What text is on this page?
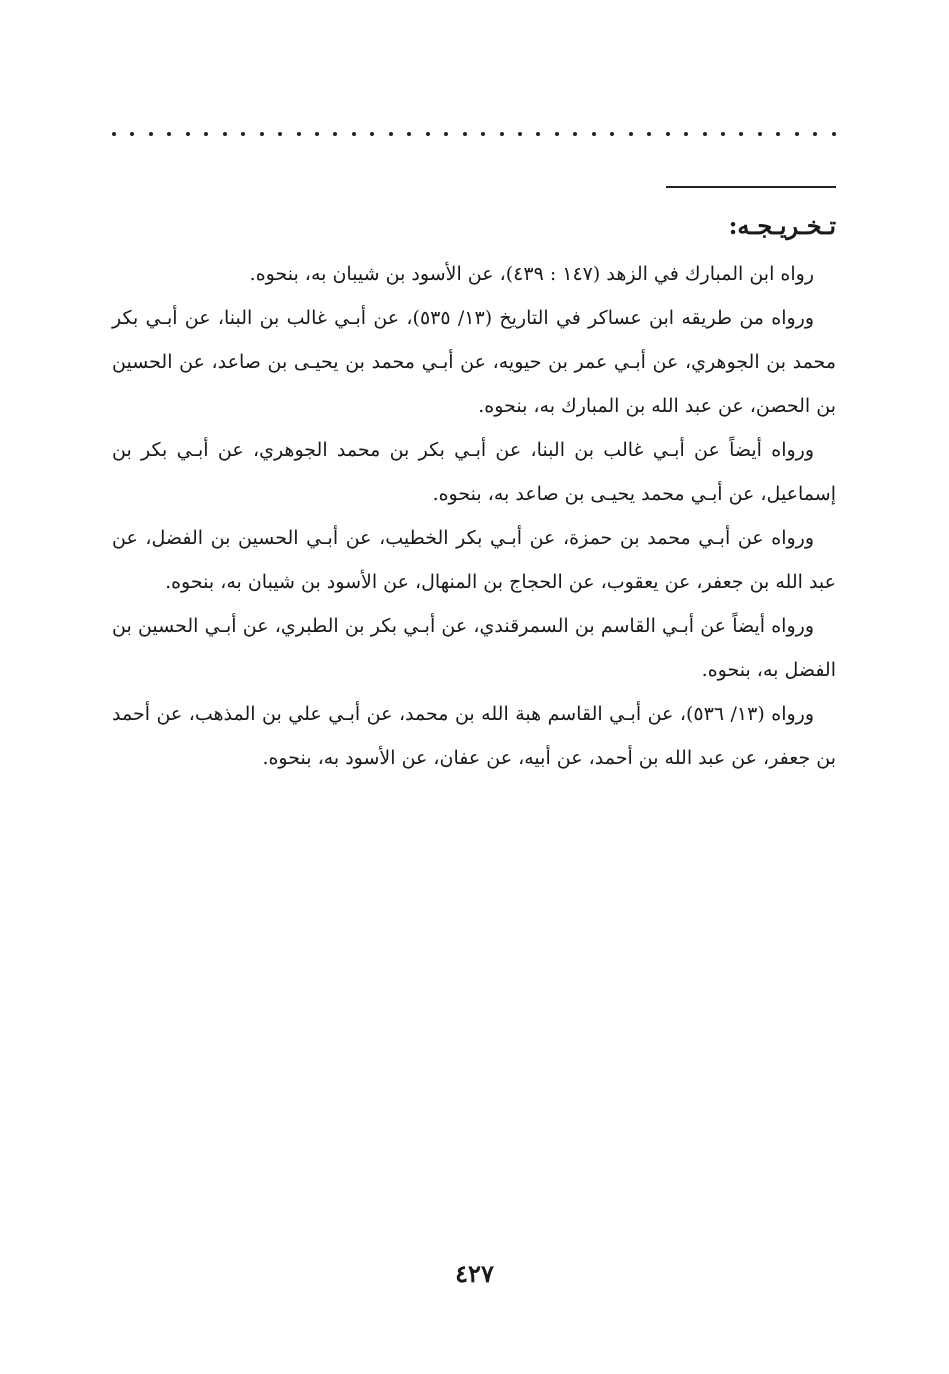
تـخـريـجـه:

رواه ابن المبارك في الزهد (١٤٧ : ٤٣٩)، عن الأسود بن شيبان به، بنحوه.

ورواه من طريقه ابن عساكر في التاريخ (١٣/ ٥٣٥)، عن أبـي غالب بن البنا، عن أبـي بكر محمد بن الجوهري، عن أبـي عمر بن حيويه، عن أبـي محمد بن يحيـى بن صاعد، عن الحسين بن الحصن، عن عبد الله بن المبارك به، بنحوه.

ورواه أيضاً عن أبـي غالب بن البنا، عن أبـي بكر بن محمد الجوهري، عن أبـي بكر بن إسماعيل، عن أبـي محمد يحيـى بن صاعد به، بنحوه.

ورواه عن أبـي محمد بن حمزة، عن أبـي بكر الخطيب، عن أبـي الحسين بن الفضل، عن عبد الله بن جعفر، عن يعقوب، عن الحجاج بن المنهال، عن الأسود بن شيبان به، بنحوه.

ورواه أيضاً عن أبـي القاسم بن السمرقندي، عن أبـي بكر بن الطبري، عن أبـي الحسين بن الفضل به، بنحوه.

ورواه (١٣/ ٥٣٦)، عن أبـي القاسم هبة الله بن محمد، عن أبـي علي بن المذهب، عن أحمد بن جعفر، عن عبد الله بن أحمد، عن أبيه، عن عفان، عن الأسود به، بنحوه.

٤٢٧
